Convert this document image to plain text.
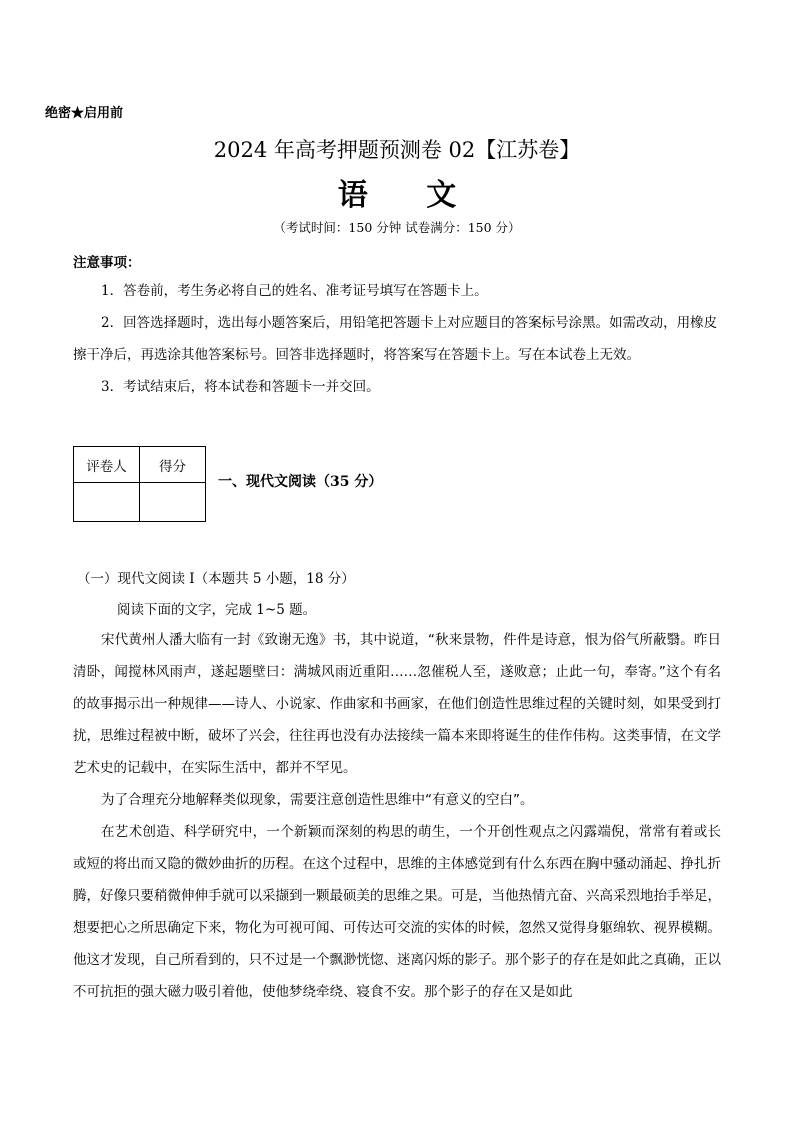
绝密★启用前
2024 年高考押题预测卷 02【江苏卷】
语 文
（考试时间：150 分钟 试卷满分：150 分）
注意事项：
1．答卷前，考生务必将自己的姓名、准考证号填写在答题卡上。
2．回答选择题时，选出每小题答案后，用铅笔把答题卡上对应题目的答案标号涂黑。如需改动，用橡皮擦干净后，再选涂其他答案标号。回答非选择题时，将答案写在答题卡上。写在本试卷上无效。
3．考试结束后，将本试卷和答题卡一并交回。
评卷人	得分

一、现代文阅读（35 分）
（一）现代文阅读 I（本题共 5 小题，18 分）
阅读下面的文字，完成 1~5 题。
宋代黄州人潘大临有一封《致谢无逸》书，其中说道，“秋来景物，件件是诗意，恨为俗气所蔽翳。昨日清卧，闻搅林风雨声，遂起题壁曰：满城风雨近重阳……忽催税人至，遂败意；止此一句，奉寄。”这个有名的故事揭示出一种规律——诗人、小说家、作曲家和书画家，在他们创造性思维过程的关键时刻，如果受到打扰，思维过程被中断，破坏了兴会，往往再也没有办法接续一篇本来即将诞生的佳作伟构。这类事情，在文学艺术史的记载中，在实际生活中，都并不罕见。
为了合理充分地解释类似现象，需要注意创造性思维中“有意义的空白”。
在艺术创造、科学研究中，一个新颖而深刻的构思的萌生，一个开创性观点之闪露端倪，常常有着或长或短的将出而又隐的微妙曲折的历程。在这个过程中，思维的主体感觉到有什么东西在胸中骚动涌起、挣扎折腾，好像只要稍微伸伸手就可以采撷到一颗最硕美的思维之果。可是，当他热情亢奋、兴高采烈地抬手举足，想要把心之所思确定下来，物化为可视可闻、可传达可交流的实体的时候，忽然又觉得身躯绵软、视界模糊。他这才发现，自己所看到的，只不过是一个飘渺恍惚、迷离闪烁的影子。那个影子的存在是如此之真确，正以不可抗拒的强大磁力吸引着他，使他梦绕牵绕、寝食不安。那个影子的存在又是如此
